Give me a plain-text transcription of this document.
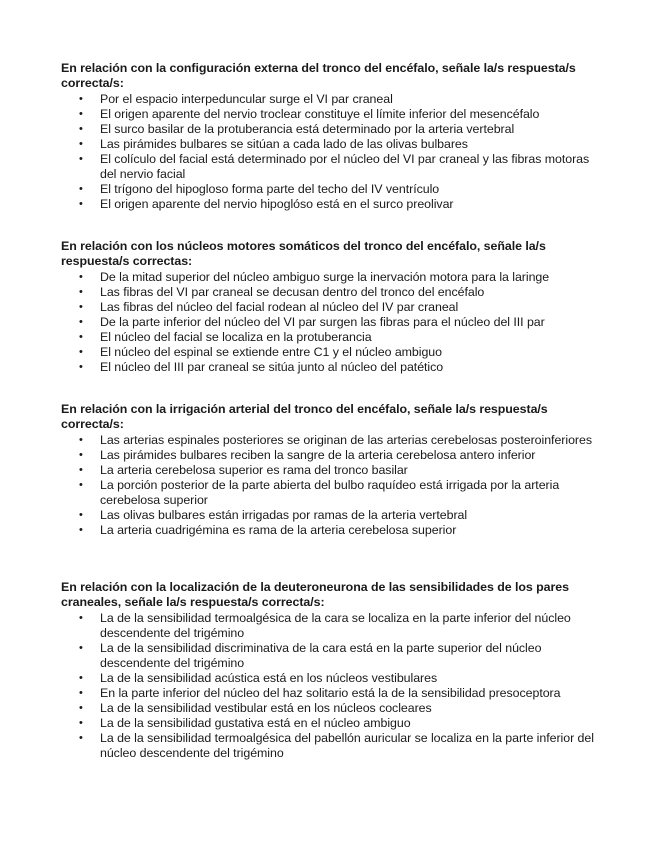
En relación con la configuración externa del tronco del encéfalo, señale la/s respuesta/s correcta/s:

• Por el espacio interpeduncular surge el VI par craneal
• El origen aparente del nervio troclear constituye el límite inferior del mesencéfalo
• El surco basilar de la protuberancia está determinado por la arteria vertebral
• Las pirámides bulbares se sitúan a cada lado de las olivas bulbares
• El colículo del facial está determinado por el núcleo del VI par craneal y las fibras motoras del nervio facial
• El trígono del hipogloso forma parte del techo del IV ventrículo
• El origen aparente del nervio hipoglóso está en el surco preolivar

En relación con los núcleos motores somáticos del tronco del encéfalo, señale la/s respuesta/s correctas:

• De la mitad superior del núcleo ambiguo surge la inervación motora para la laringe
• Las fibras del VI par craneal se decusan dentro del tronco del encéfalo
• Las fibras del núcleo del facial rodean al núcleo del IV par craneal
• De la parte inferior del núcleo del VI par surgen las fibras para el núcleo del III par
• El núcleo del facial se localiza en la protuberancia
• El núcleo del espinal se extiende entre C1 y el núcleo ambiguo
• El núcleo del III par craneal se sitúa junto al núcleo del patético

En relación con la irrigación arterial del tronco del encéfalo, señale la/s respuesta/s correcta/s:

• Las arterias espinales posteriores se originan de las arterias cerebelosas posteroinferiores
• Las pirámides bulbares reciben la sangre de la arteria cerebelosa antero inferior
• La arteria cerebelosa superior es rama del tronco basilar
• La porción posterior de la parte abierta del bulbo raquídeo está irrigada por la arteria cerebelosa superior
• Las olivas bulbares están irrigadas por ramas de la arteria vertebral
• La arteria cuadrigémina es rama de la arteria cerebelosa superior

En relación con la localización de la deuteroneurona de las sensibilidades de los pares craneales, señale la/s respuesta/s correcta/s:

• La de la sensibilidad termoalgésica de la cara se localiza en la parte inferior del núcleo descendente del trigémino
• La de la sensibilidad discriminativa de la cara está en la parte superior del núcleo descendente del trigémino
• La de la sensibilidad acústica está en los núcleos vestibulares
• En la parte inferior del núcleo del haz solitario está la de la sensibilidad presoceptora
• La de la sensibilidad vestibular está en los núcleos cocleares
• La de la sensibilidad gustativa está en el núcleo ambiguo
• La de la sensibilidad termoalgésica del pabellón auricular se localiza en la parte inferior del núcleo descendente del trigémino
